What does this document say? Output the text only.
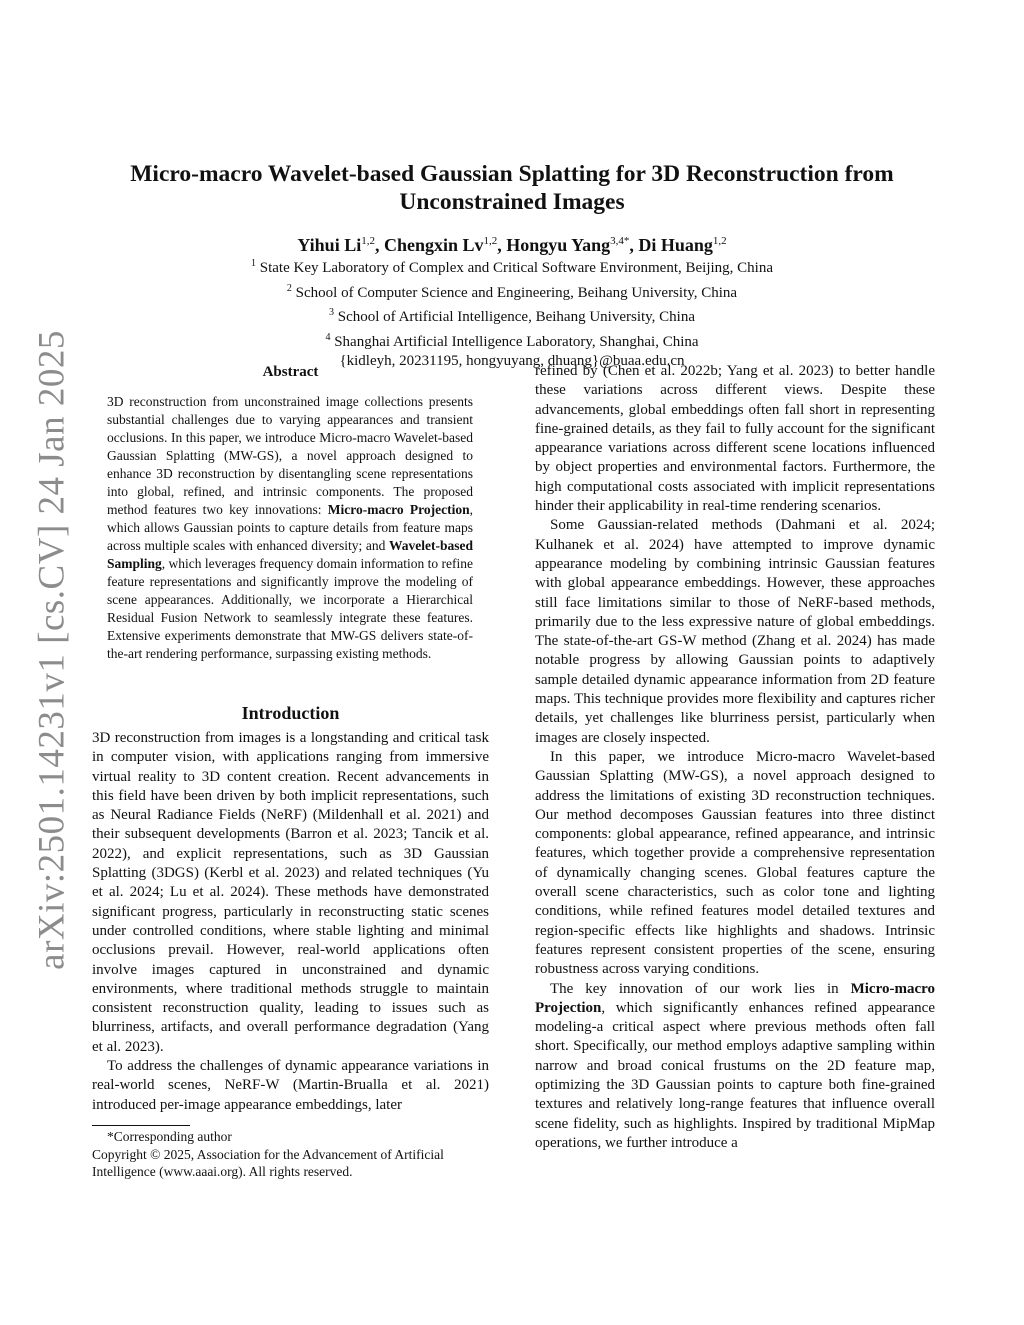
arXiv:2501.14231v1 [cs.CV] 24 Jan 2025
Micro-macro Wavelet-based Gaussian Splatting for 3D Reconstruction from
Unconstrained Images
Yihui Li$^{1,2}$, Chengxin Lv$^{1,2}$, Hongyu Yang$^{3,4*}$, Di Huang$^{1,2}$
$^1$ State Key Laboratory of Complex and Critical Software Environment, Beijing, China
$^2$ School of Computer Science and Engineering, Beihang University, China
$^3$ School of Artificial Intelligence, Beihang University, China
$^4$ Shanghai Artificial Intelligence Laboratory, Shanghai, China
{kidleyh, 20231195, hongyuyang, dhuang}@buaa.edu.cn
Abstract
3D reconstruction from unconstrained image collections presents substantial challenges due to varying appearances and transient occlusions. In this paper, we introduce Micro-macro Wavelet-based Gaussian Splatting (MW-GS), a novel approach designed to enhance 3D reconstruction by disentangling scene representations into global, refined, and intrinsic components. The proposed method features two key innovations: Micro-macro Projection, which allows Gaussian points to capture details from feature maps across multiple scales with enhanced diversity; and Wavelet-based Sampling, which leverages frequency domain information to refine feature representations and significantly improve the modeling of scene appearances. Additionally, we incorporate a Hierarchical Residual Fusion Network to seamlessly integrate these features. Extensive experiments demonstrate that MW-GS delivers state-of-the-art rendering performance, surpassing existing methods.
Introduction

3D reconstruction from images is a longstanding and critical task in computer vision, with applications ranging from immersive virtual reality to 3D content creation. Recent advancements in this field have been driven by both implicit representations, such as Neural Radiance Fields (NeRF) (Mildenhall et al. 2021) and their subsequent developments (Barron et al. 2023; Tancik et al. 2022), and explicit representations, such as 3D Gaussian Splatting (3DGS) (Kerbl et al. 2023) and related techniques (Yu et al. 2024; Lu et al. 2024). These methods have demonstrated significant progress, particularly in reconstructing static scenes under controlled conditions, where stable lighting and minimal occlusions prevail. However, real-world applications often involve images captured in unconstrained and dynamic environments, where traditional methods struggle to maintain consistent reconstruction quality, leading to issues such as blurriness, artifacts, and overall performance degradation (Yang et al. 2023).

To address the challenges of dynamic appearance variations in real-world scenes, NeRF-W (Martin-Brualla et al. 2021) introduced per-image appearance embeddings, later

*Corresponding author
Copyright © 2025, Association for the Advancement of Artificial Intelligence (www.aaai.org). All rights reserved.

refined by (Chen et al. 2022b; Yang et al. 2023) to better handle these variations across different views. Despite these advancements, global embeddings often fall short in representing fine-grained details, as they fail to fully account for the significant appearance variations across different scene locations influenced by object properties and environmental factors. Furthermore, the high computational costs associated with implicit representations hinder their applicability in real-time rendering scenarios.

Some Gaussian-related methods (Dahmani et al. 2024; Kulhanek et al. 2024) have attempted to improve dynamic appearance modeling by combining intrinsic Gaussian features with global appearance embeddings. However, these approaches still face limitations similar to those of NeRF-based methods, primarily due to the less expressive nature of global embeddings. The state-of-the-art GS-W method (Zhang et al. 2024) has made notable progress by allowing Gaussian points to adaptively sample detailed dynamic appearance information from 2D feature maps. This technique provides more flexibility and captures richer details, yet challenges like blurriness persist, particularly when images are closely inspected.

In this paper, we introduce Micro-macro Wavelet-based Gaussian Splatting (MW-GS), a novel approach designed to address the limitations of existing 3D reconstruction techniques. Our method decomposes Gaussian features into three distinct components: global appearance, refined appearance, and intrinsic features, which together provide a comprehensive representation of dynamically changing scenes. Global features capture the overall scene characteristics, such as color tone and lighting conditions, while refined features model detailed textures and region-specific effects like highlights and shadows. Intrinsic features represent consistent properties of the scene, ensuring robustness across varying conditions.

The key innovation of our work lies in Micro-macro Projection, which significantly enhances refined appearance modeling-a critical aspect where previous methods often fall short. Specifically, our method employs adaptive sampling within narrow and broad conical frustums on the 2D feature map, optimizing the 3D Gaussian points to capture both fine-grained textures and relatively long-range features that influence overall scene fidelity, such as highlights. Inspired by traditional MipMap operations, we further introduce a
